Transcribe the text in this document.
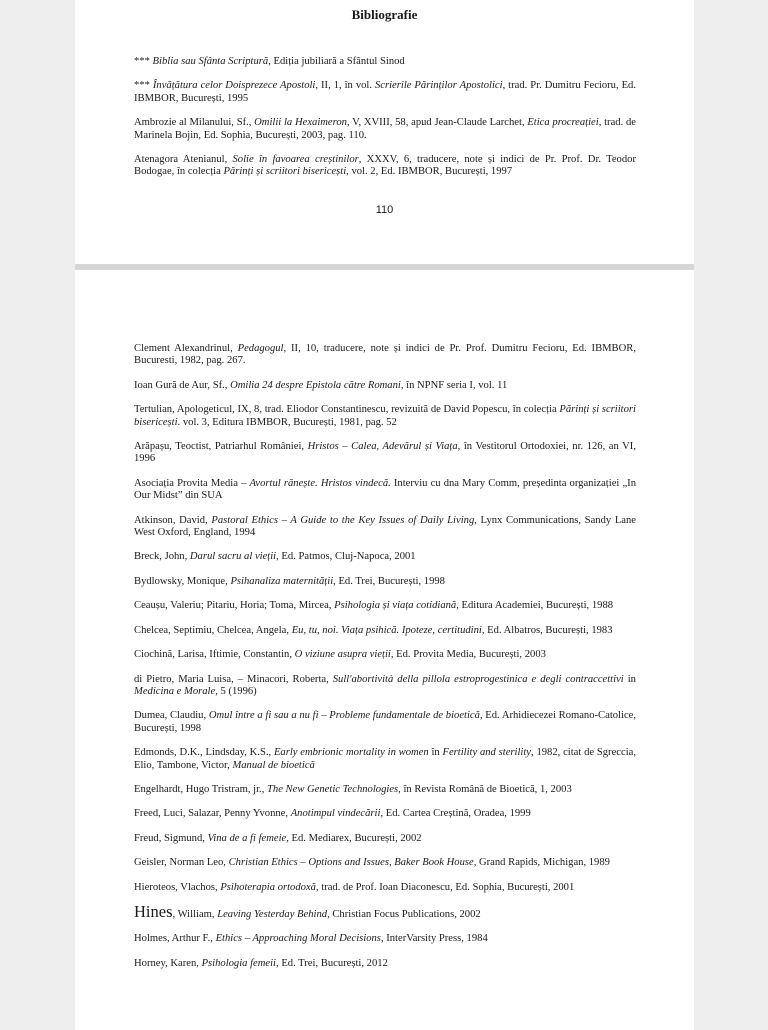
Bibliografie

*** Biblia sau Sfânta Scriptură, Ediția jubiliară a Sfântul Sinod

*** Învățătura celor Doisprezece Apostoli, II, 1, în vol. Scrierile Părinților Apostolici, trad. Pr. Dumitru Fecioru, Ed. IBMBOR, București, 1995

Ambrozie al Milanului, Sf., Omilii la Hexaimeron, V, XVIII, 58, apud Jean-Claude Larchet, Etica procreației, trad. de Marinela Bojin, Ed. Sophia, București, 2003, pag. 110.

Atenagora Atenianul, Solie în favoarea creștinilor, XXXV, 6, traducere, note și indici de Pr. Prof. Dr. Teodor Bodogae, în colecția Părinți și scriitori bisericești, vol. 2, Ed. IBMBOR, București, 1997

110

Clement Alexandrinul, Pedagogul, II, 10, traducere, note și indici de Pr. Prof. Dumitru Fecioru, Ed. IBMBOR, Bucuresti, 1982, pag. 267.

Ioan Gură de Aur, Sf., Omilia 24 despre Epistola către Romani, în NPNF seria I, vol. 11

Tertulian, Apologeticul, IX, 8, trad. Eliodor Constantinescu, revizuită de David Popescu, în colecția Părinți și scriitori bisericești. vol. 3, Editura IBMBOR, București, 1981, pag. 52

Arăpașu, Teoctist, Patriarhul României, Hristos – Calea, Adevărul și Viața, în Vestitorul Ortodoxiei, nr. 126, an VI, 1996

Asociația Provita Media – Avortul rănește. Hristos vindecă. Interviu cu dna Mary Comm, președinta organizației „In Our Midst” din SUA

Atkinson, David, Pastoral Ethics – A Guide to the Key Issues of Daily Living, Lynx Communications, Sandy Lane West Oxford, England, 1994

Breck, John, Darul sacru al vieții, Ed. Patmos, Cluj-Napoca, 2001

Bydlowsky, Monique, Psihanaliza maternității, Ed. Trei, București, 1998

Ceaușu, Valeriu; Pitariu, Horia; Toma, Mircea, Psihologia și viața cotidiană, Editura Academiei, București, 1988

Chelcea, Septimiu, Chelcea, Angela, Eu, tu, noi. Viața psihică. Ipoteze, certitudini, Ed. Albatros, București, 1983

Ciochină, Larisa, Iftimie, Constantin, O viziune asupra vieții, Ed. Provita Media, București, 2003

di Pietro, Maria Luisa, – Minacori, Roberta, Sull'abortività della pillola estroprogestinica e degli contraccettivi in Medicina e Morale, 5 (1996)

Dumea, Claudiu, Omul între a fi sau a nu fi – Probleme fundamentale de bioetică, Ed. Arhidiecezei Romano-Catolice, București, 1998

Edmonds, D.K., Lindsday, K.S., Early embrionic mortality in women în Fertility and sterility, 1982, citat de Sgreccia, Elio, Tambone, Victor, Manual de bioetică

Engelhardt, Hugo Tristram, jr., The New Genetic Technologies, în Revista Română de Bioetică, 1, 2003

Freed, Luci, Salazar, Penny Yvonne, Anotimpul vindecării, Ed. Cartea Creștină, Oradea, 1999

Freud, Sigmund, Vina de a fi femeie, Ed. Mediarex, București, 2002

Geisler, Norman Leo, Christian Ethics – Options and Issues, Baker Book House, Grand Rapids, Michigan, 1989

Hieroteos, Vlachos, Psihoterapia ortodoxă, trad. de Prof. Ioan Diaconescu, Ed. Sophia, București, 2001

Hines, William, Leaving Yesterday Behind, Christian Focus Publications, 2002

Holmes, Arthur F., Ethics – Approaching Moral Decisions, InterVarsity Press, 1984

Horney, Karen, Psihologia femeii, Ed. Trei, București, 2012
